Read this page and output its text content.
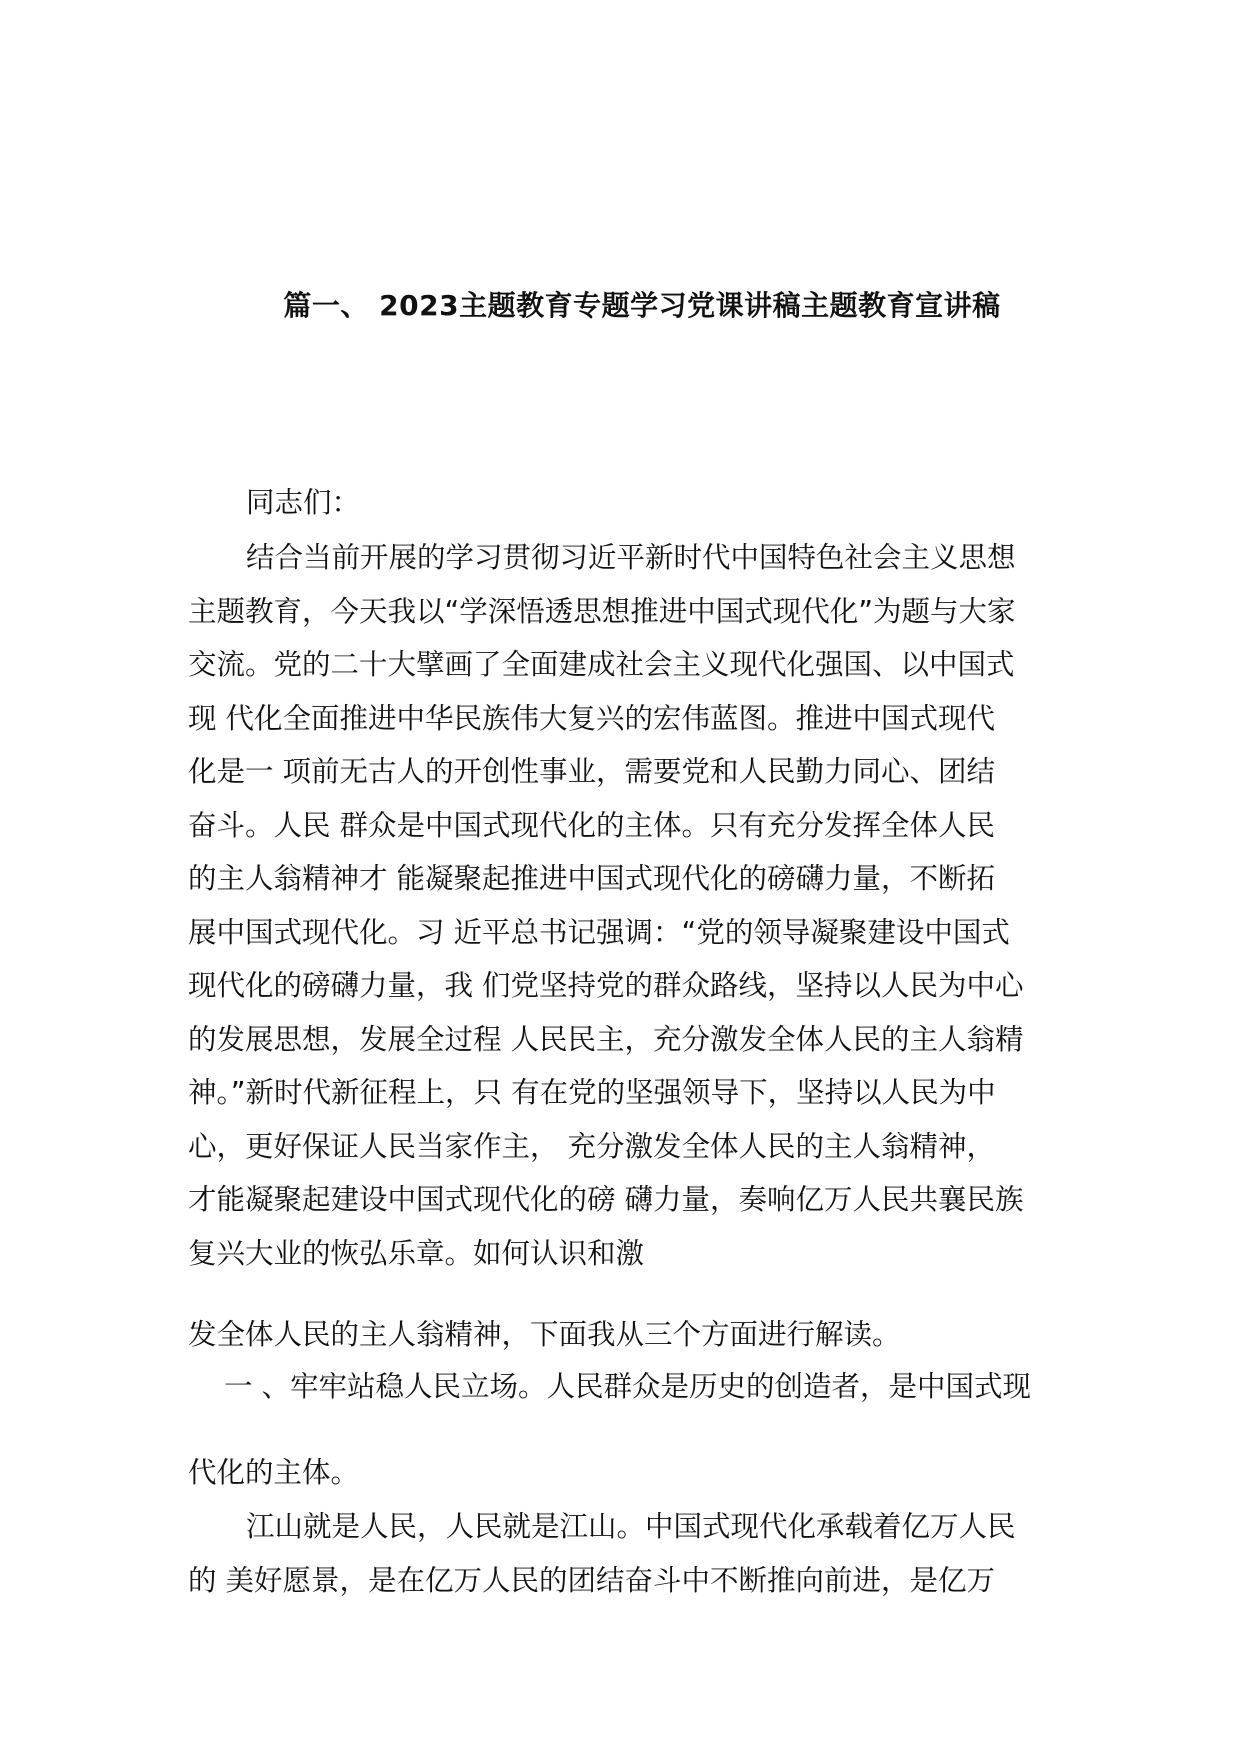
篇一、 2023主题教育专题学习党课讲稿主题教育宣讲稿
同志们：
结合当前开展的学习贯彻习近平新时代中国特色社会主义思想
主题教育，今天我以“学深悟透思想推进中国式现代化”为题与大家
交流。党的二十大擘画了全面建成社会主义现代化强国、以中国式
现 代化全面推进中华民族伟大复兴的宏伟蓝图。推进中国式现代
化是一 项前无古人的开创性事业，需要党和人民勤力同心、团结
奋斗。人民 群众是中国式现代化的主体。只有充分发挥全体人民
的主人翁精神才 能凝聚起推进中国式现代化的磅礴力量，不断拓
展中国式现代化。习 近平总书记强调：“党的领导凝聚建设中国式
现代化的磅礴力量，我 们党坚持党的群众路线，坚持以人民为中心
的发展思想，发展全过程 人民民主，充分激发全体人民的主人翁精
神。”新时代新征程上，只 有在党的坚强领导下，坚持以人民为中
心，更好保证人民当家作主， 充分激发全体人民的主人翁精神，
才能凝聚起建设中国式现代化的磅 礴力量，奏响亿万人民共襄民族
复兴大业的恢弘乐章。如何认识和激
发全体人民的主人翁精神，下面我从三个方面进行解读。
一 、牢牢站稳人民立场。人民群众是历史的创造者，是中国式现
代化的主体。
江山就是人民，人民就是江山。中国式现代化承载着亿万人民
的 美好愿景，是在亿万人民的团结奋斗中不断推向前进，是亿万
